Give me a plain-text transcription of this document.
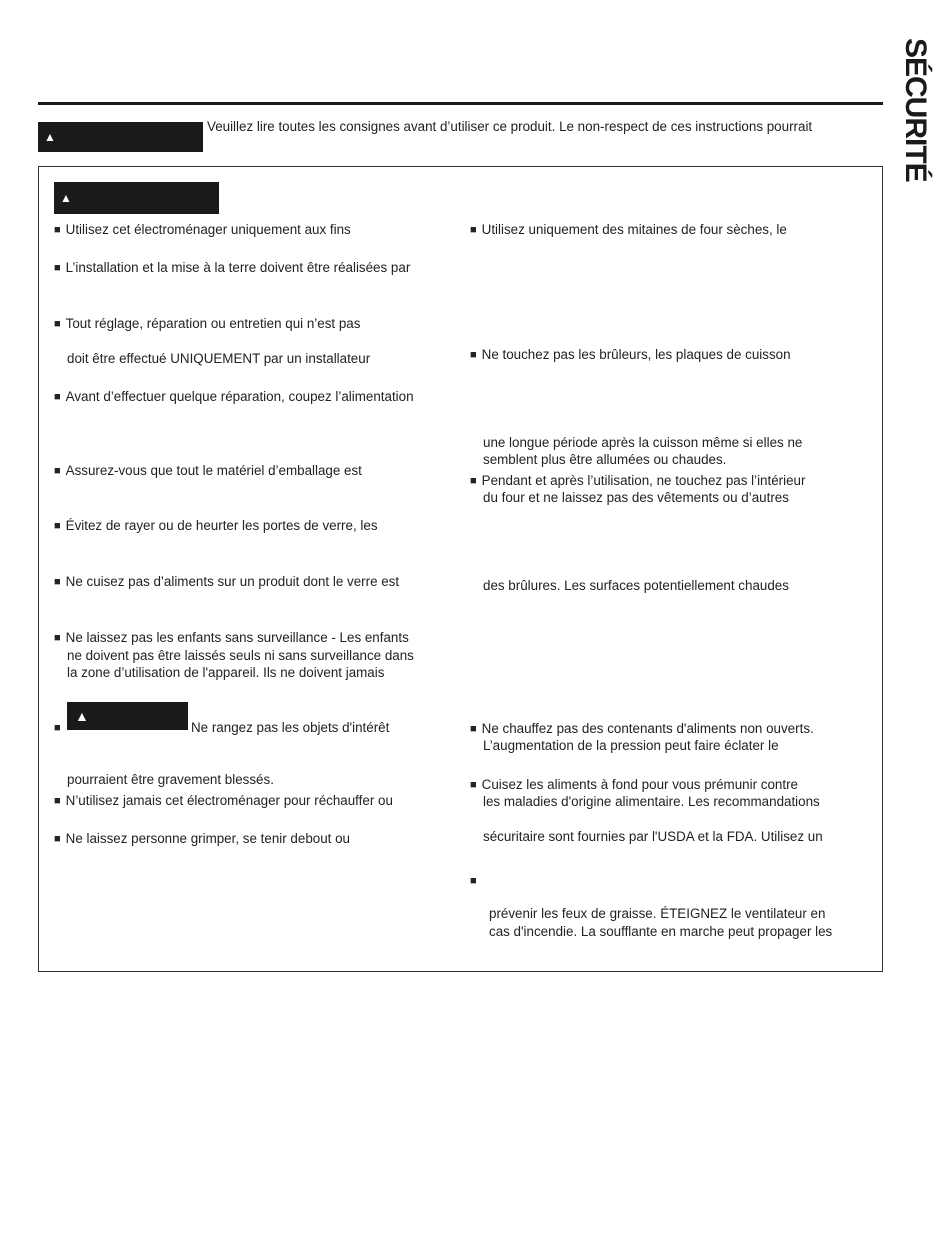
SÉCURITÉ
▲
Veuillez lire toutes les consignes avant d’utiliser ce produit. Le non-respect de ces instructions pourrait
▲
■ Utilisez cet électroménager uniquement aux fins
■ L’installation et la mise à la terre doivent être réalisées par
■ Tout réglage, réparation ou entretien qui n’est pas
doit être effectué UNIQUEMENT par un installateur
■ Avant d’effectuer quelque réparation, coupez l’alimentation
■ Assurez-vous que tout le matériel d’emballage est
■ Évitez de rayer ou de heurter les portes de verre, les
■ Ne cuisez pas d’aliments sur un produit dont le verre est
■ Ne laissez pas les enfants sans surveillance - Les enfants
ne doivent pas être laissés seuls ni sans surveillance dans
la zone d’utilisation de l'appareil. Ils ne doivent jamais
■
▲
Ne rangez pas les objets d'intérêt
pourraient être gravement blessés.
■ N’utilisez jamais cet électroménager pour réchauffer ou
■ Ne laissez personne grimper, se tenir debout ou
■ Utilisez uniquement des mitaines de four sèches, le
■ Ne touchez pas les brûleurs, les plaques de cuisson
une longue période après la cuisson même si elles ne
semblent plus être allumées ou chaudes.
■ Pendant et après l’utilisation, ne touchez pas l’intérieur
du four et ne laissez pas des vêtements ou d’autres
des brûlures. Les surfaces potentiellement chaudes
■ Ne chauffez pas des contenants d'aliments non ouverts.
L’augmentation de la pression peut faire éclater le
■ Cuisez les aliments à fond pour vous prémunir contre
les maladies d'origine alimentaire. Les recommandations
sécuritaire sont fournies par l'USDA et la FDA. Utilisez un
■
prévenir les feux de graisse. ÉTEIGNEZ le ventilateur en
cas d'incendie. La soufflante en marche peut propager les
